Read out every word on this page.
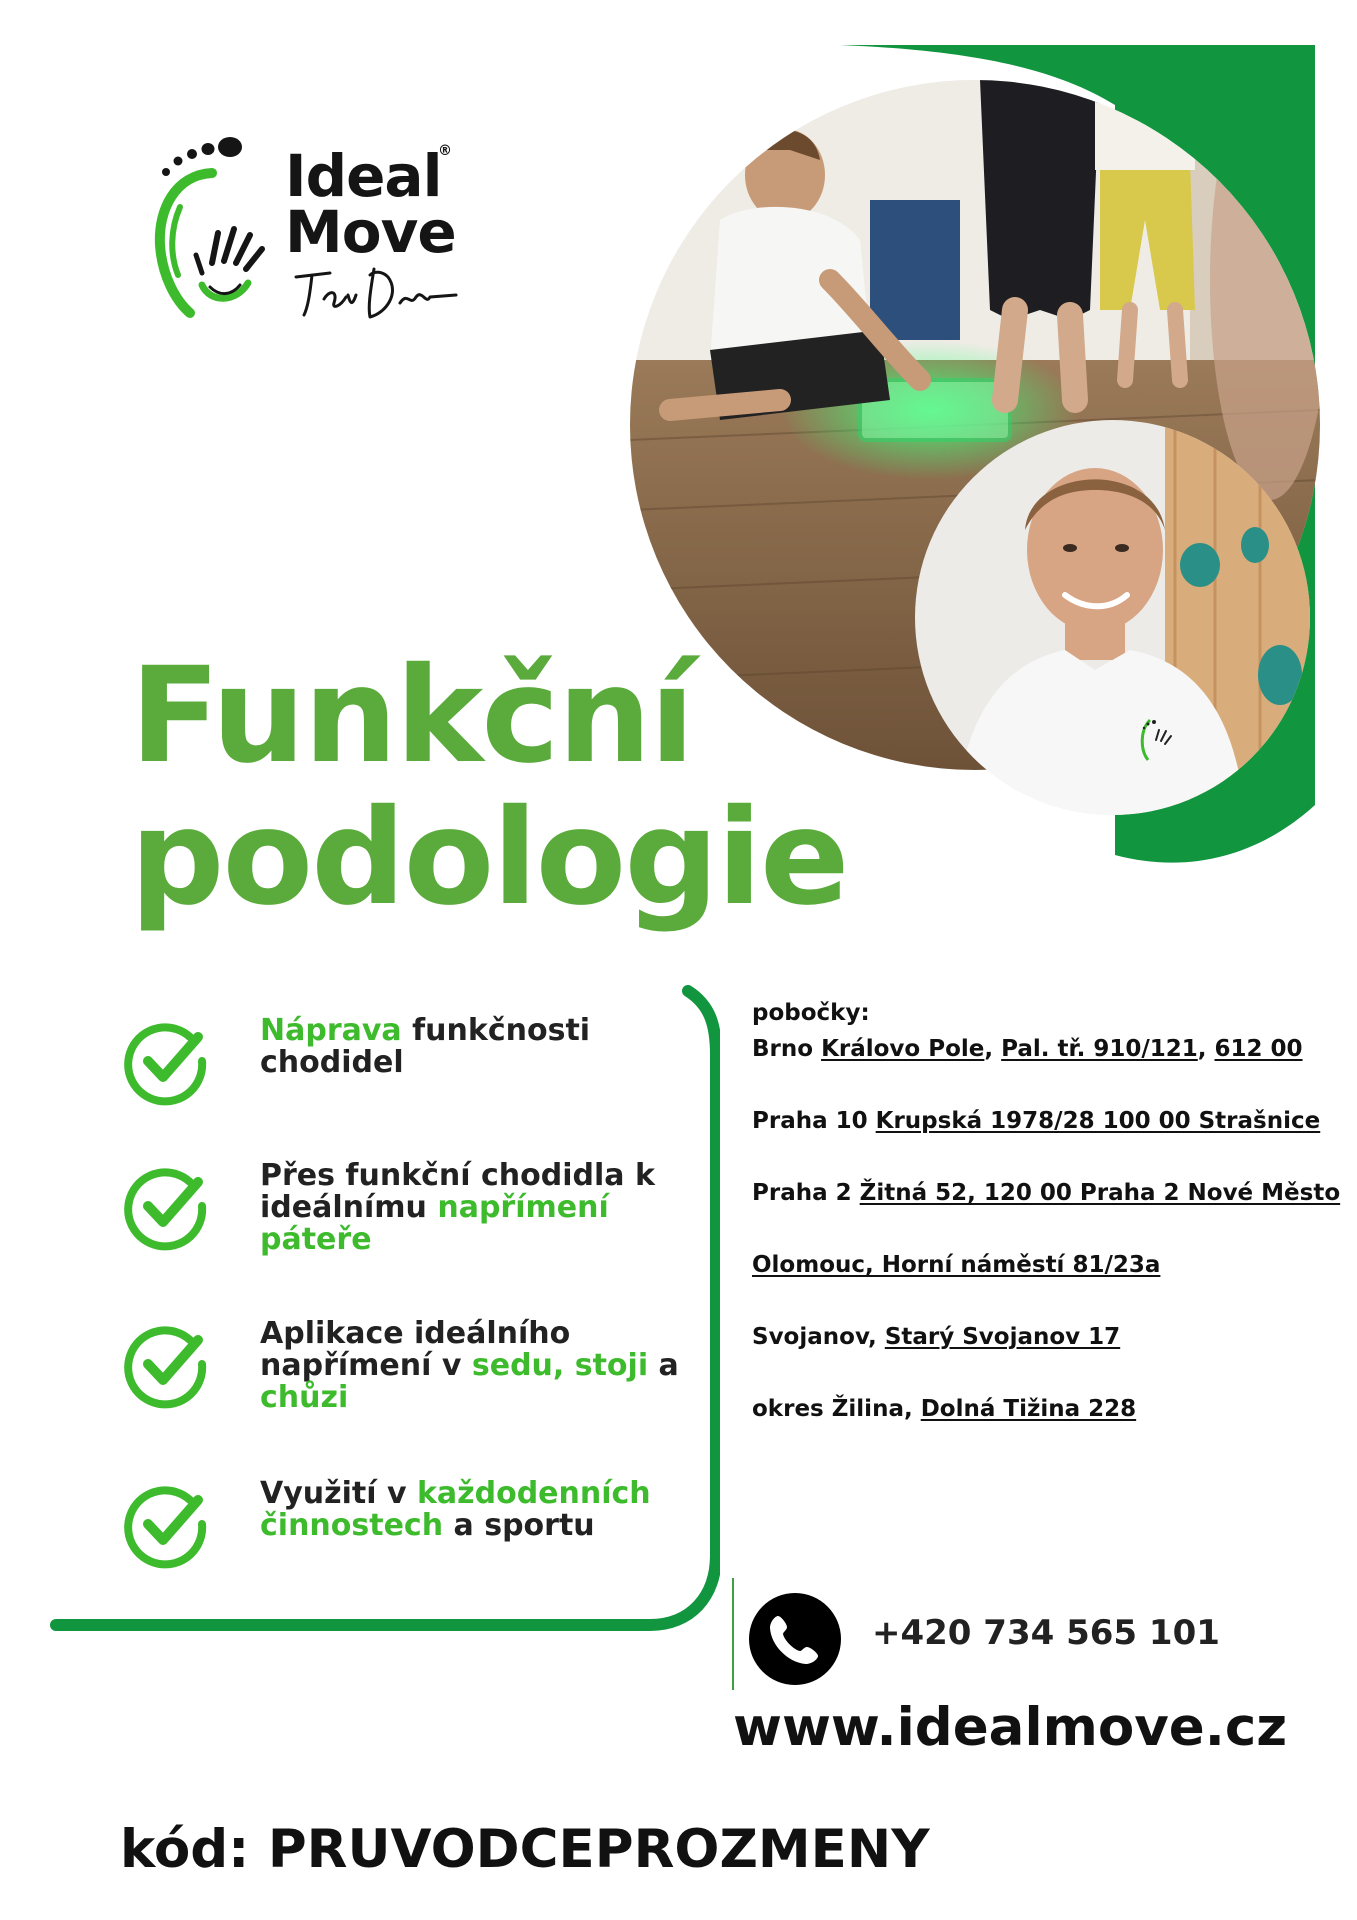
Ideal
®
Move
Funkční
podologie
Náprava funkčnosti chodidel
Přes funkční chodidla k ideálnímu napřímení páteře
Aplikace ideálního napřímení v sedu, stoji a chůzi
Využití v každodenních činnostech a sportu
pobočky:
Brno Královo Pole, Pal. tř. 910/121, 612 00
Praha 10 Krupská 1978/28 100 00 Strašnice
Praha 2 Žitná 52, 120 00 Praha 2 Nové Město
Olomouc, Horní náměstí 81/23a
Svojanov, Starý Svojanov 17
okres Žilina, Dolná Tižina 228
+420 734 565 101
www.idealmove.cz
kód: PRUVODCEPROZMENY
